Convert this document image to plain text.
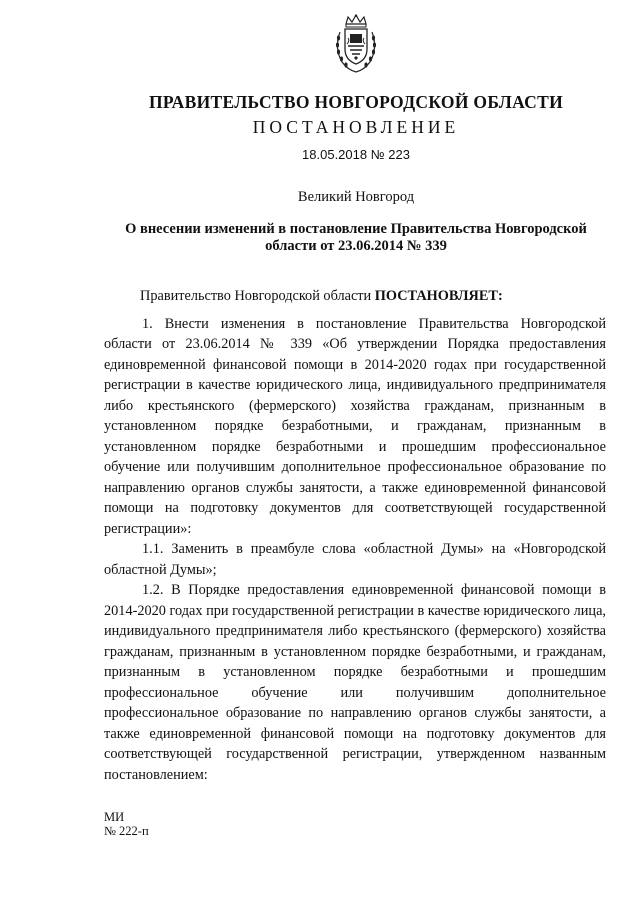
ПРАВИТЕЛЬСТВО НОВГОРОДСКОЙ ОБЛАСТИ
ПОСТАНОВЛЕНИЕ
18.05.2018 № 223
Великий Новгород
О внесении изменений в постановление Правительства Новгородской области от 23.06.2014 № 339

Правительство Новгородской области ПОСТАНОВЛЯЕТ:

1. Внести изменения в постановление Правительства Новгородской области от 23.06.2014 № 339 «Об утверждении Порядка предоставления единовременной финансовой помощи в 2014-2020 годах при государственной регистрации в качестве юридического лица, индивидуального предпринимателя либо крестьянского (фермерского) хозяйства гражданам, признанным в установленном порядке безработными, и гражданам, признанным в установленном порядке безработными и прошедшим профессиональное обучение или получившим дополнительное профессиональное образование по направлению органов службы занятости, а также единовременной финансовой помощи на подготовку документов для соответствующей государственной регистрации»:

1.1. Заменить в преамбуле слова «областной Думы» на «Новгородской областной Думы»;

1.2. В Порядке предоставления единовременной финансовой помощи в 2014-2020 годах при государственной регистрации в качестве юридического лица, индивидуального предпринимателя либо крестьянского (фермерского) хозяйства гражданам, признанным в установленном порядке безработными, и гражданам, признанным в установленном порядке безработными и прошедшим профессиональное обучение или получившим дополнительное профессиональное образование по направлению органов службы занятости, а также единовременной финансовой помощи на подготовку документов для соответствующей государственной регистрации, утвержденном названным постановлением:

МИ
№ 222-п
